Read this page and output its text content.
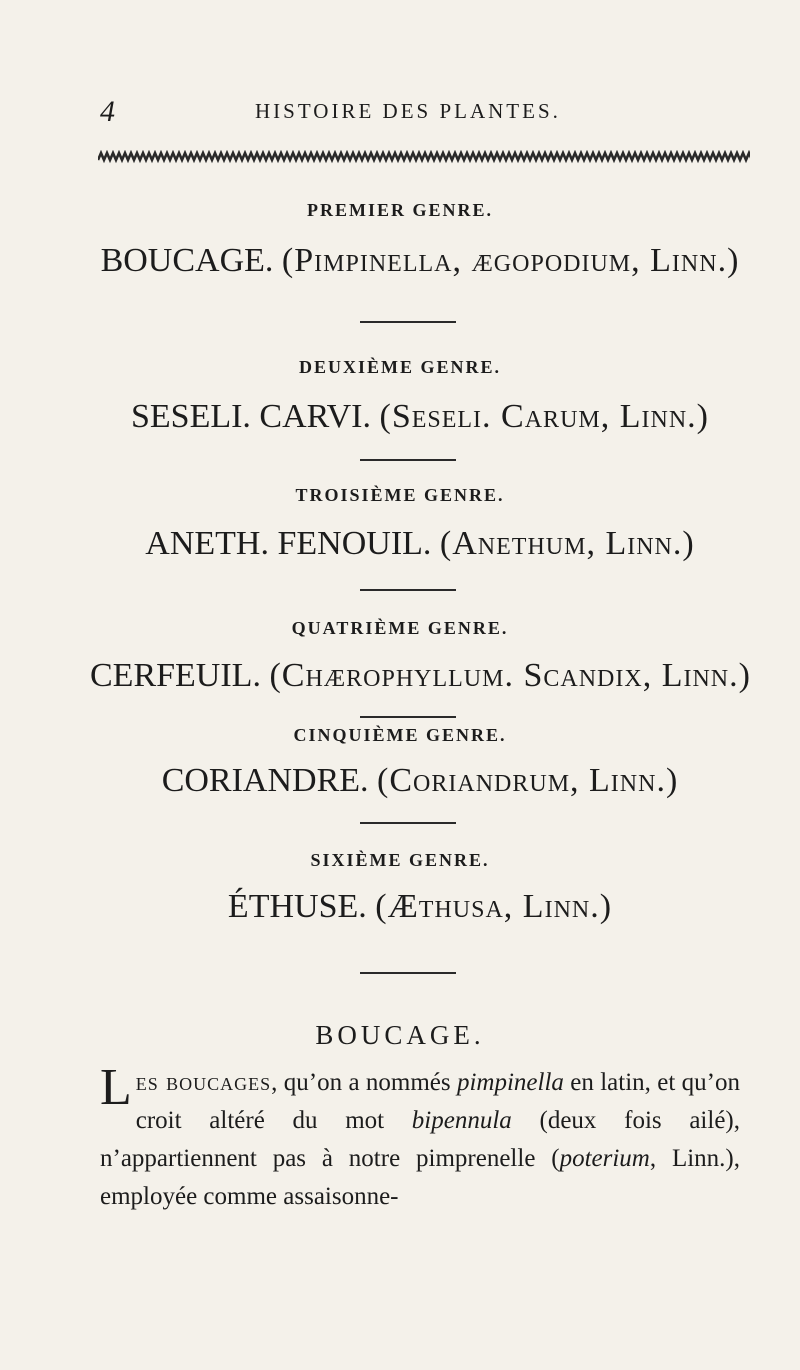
4	HISTOIRE DES PLANTES.
PREMIER GENRE.
BOUCAGE. (Pimpinella, ægopodium, Linn.)
DEUXIÈME GENRE.
SESELI. CARVI. (Seseli. Carum, Linn.)
TROISIÈME GENRE.
ANETH. FENOUIL. (Anethum, Linn.)
QUATRIÈME GENRE.
CERFEUIL. (Chærophyllum. Scandix, Linn.)
CINQUIÈME GENRE.
CORIANDRE. (Coriandrum, Linn.)
SIXIÈME GENRE.
ÉTHUSE. (Æthusa, Linn.)
BOUCAGE.

Les boucages, qu’on a nommés pimpinella en latin, et qu’on croit altéré du mot bipennula (deux fois ailé), n’appartiennent pas à notre pimprenelle (poterium, Linn.), employée comme assaisonne-
